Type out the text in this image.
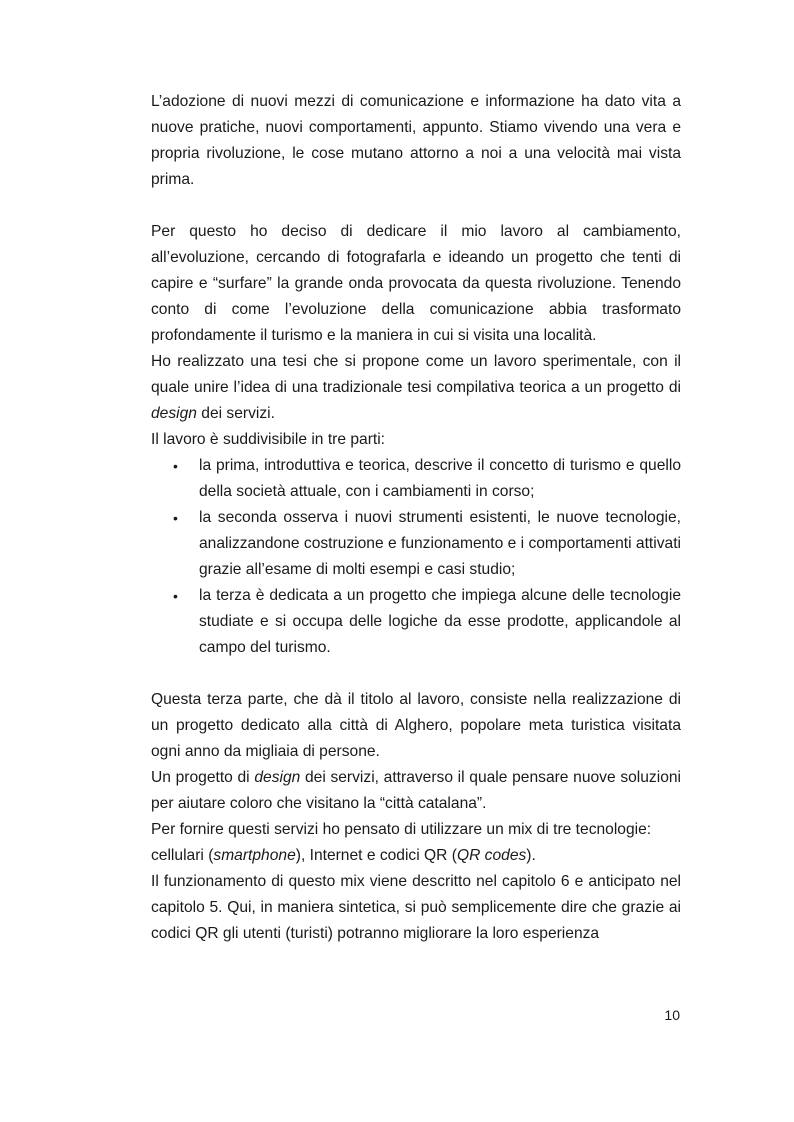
L’adozione di nuovi mezzi di comunicazione e informazione ha dato vita a nuove pratiche, nuovi comportamenti, appunto. Stiamo vivendo una vera e propria rivoluzione, le cose mutano attorno a noi a una velocità mai vista prima.

Per questo ho deciso di dedicare il mio lavoro al cambiamento, all’evoluzione, cercando di fotografarla e ideando un progetto che tenti di capire e “surfare” la grande onda provocata da questa rivoluzione. Tenendo conto di come l’evoluzione della comunicazione abbia trasformato profondamente il turismo e la maniera in cui si visita una località.

Ho realizzato una tesi che si propone come un lavoro sperimentale, con il quale unire l’idea di una tradizionale tesi compilativa teorica a un progetto di design dei servizi.

Il lavoro è suddivisibile in tre parti:

• la prima, introduttiva e teorica, descrive il concetto di turismo e quello della società attuale, con i cambiamenti in corso;
• la seconda osserva i nuovi strumenti esistenti, le nuove tecnologie, analizzandone costruzione e funzionamento e i comportamenti attivati grazie all’esame di molti esempi e casi studio;
• la terza è dedicata a un progetto che impiega alcune delle tecnologie studiate e si occupa delle logiche da esse prodotte, applicandole al campo del turismo.

Questa terza parte, che dà il titolo al lavoro, consiste nella realizzazione di un progetto dedicato alla città di Alghero, popolare meta turistica visitata ogni anno da migliaia di persone.

Un progetto di design dei servizi, attraverso il quale pensare nuove soluzioni per aiutare coloro che visitano la “città catalana”.

Per fornire questi servizi ho pensato di utilizzare un mix di tre tecnologie:

cellulari (smartphone), Internet e codici QR (QR codes).

Il funzionamento di questo mix viene descritto nel capitolo 6 e anticipato nel capitolo 5. Qui, in maniera sintetica, si può semplicemente dire che grazie ai codici QR gli utenti (turisti) potranno migliorare la loro esperienza

10
